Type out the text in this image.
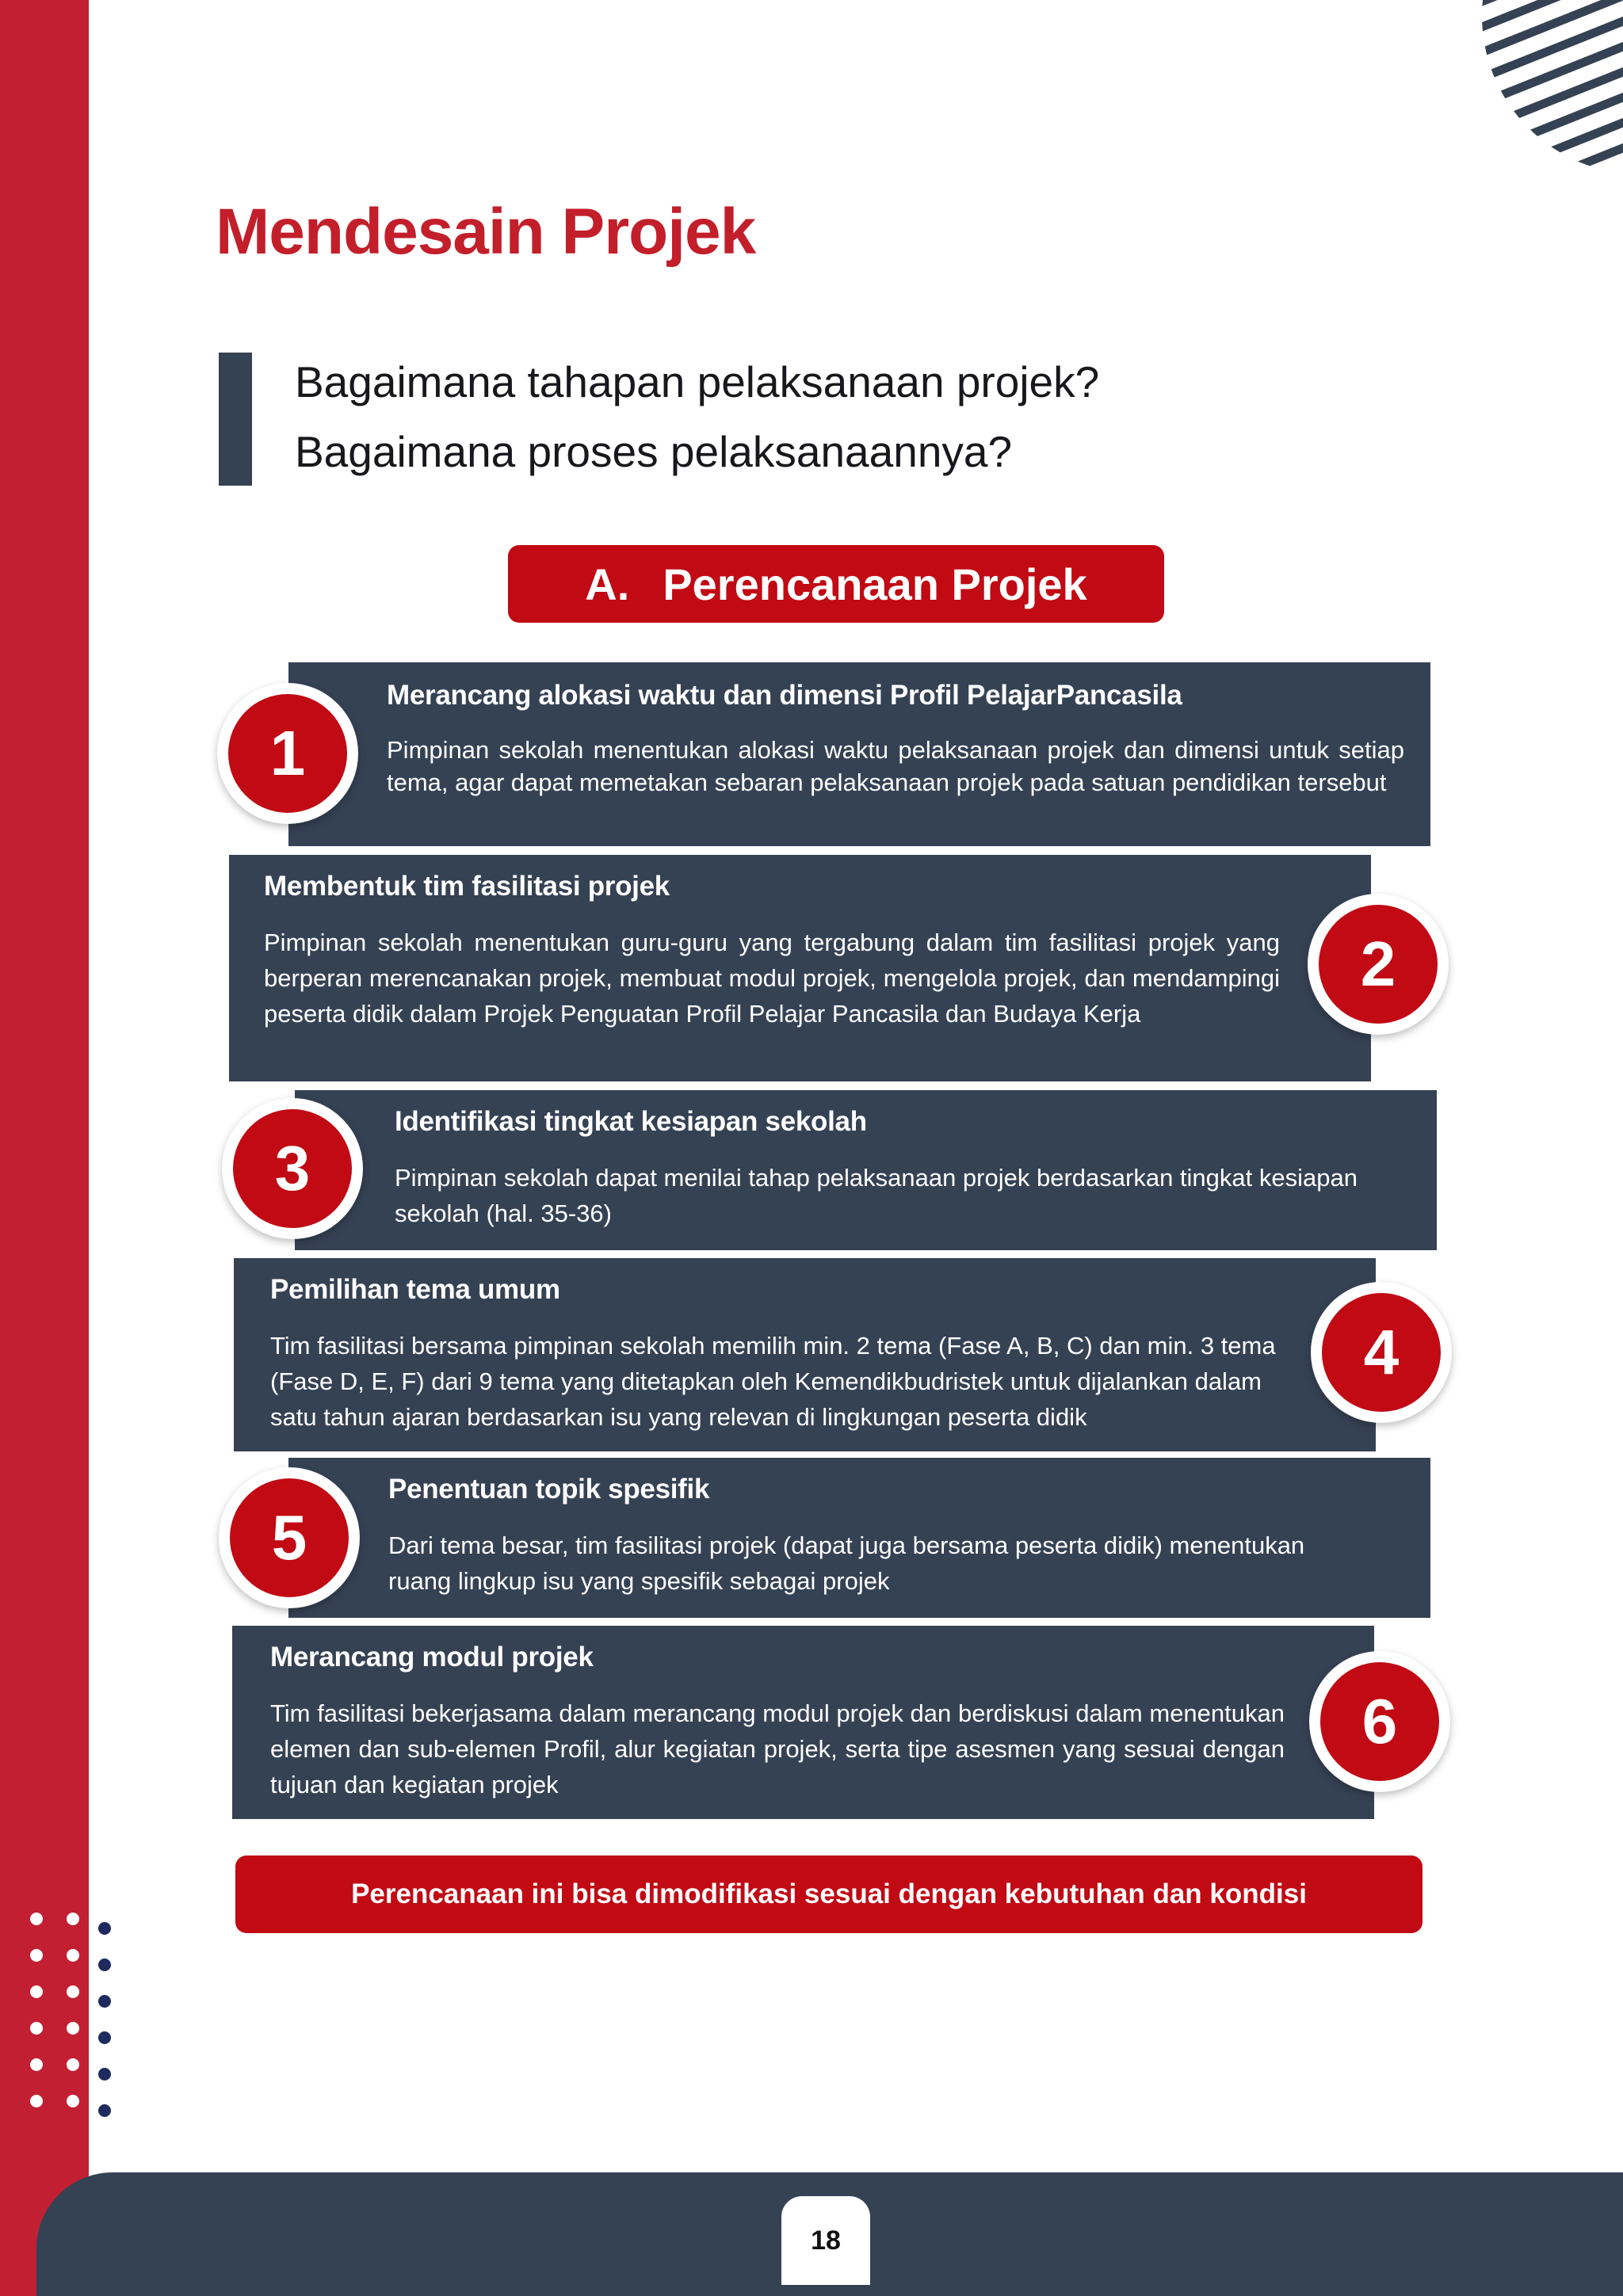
Mendesain Projek
Bagaimana tahapan pelaksanaan projek?
Bagaimana proses pelaksanaannya?
A. Perencanaan Projek
Merancang alokasi waktu dan dimensi Profil PelajarPancasila
Pimpinan sekolah menentukan alokasi waktu pelaksanaan projek dan dimensi untuk setiap tema, agar dapat memetakan sebaran pelaksanaan projek pada satuan pendidikan tersebut
1
Membentuk tim fasilitasi projek
Pimpinan sekolah menentukan guru-guru yang tergabung dalam tim fasilitasi projek yang berperan merencanakan projek, membuat modul projek, mengelola projek, dan mendampingi peserta didik dalam Projek Penguatan Profil Pelajar Pancasila dan Budaya Kerja
2
Identifikasi tingkat kesiapan sekolah
Pimpinan sekolah dapat menilai tahap pelaksanaan projek berdasarkan tingkat kesiapan sekolah (hal. 35-36)
3
Pemilihan tema umum
Tim fasilitasi bersama pimpinan sekolah memilih min. 2 tema (Fase A, B, C) dan min. 3 tema (Fase D, E, F) dari 9 tema yang ditetapkan oleh Kemendikbudristek untuk dijalankan dalam satu tahun ajaran berdasarkan isu yang relevan di lingkungan peserta didik
4
Penentuan topik spesifik
Dari tema besar, tim fasilitasi projek (dapat juga bersama peserta didik) menentukan ruang lingkup isu yang spesifik sebagai projek
5
Merancang modul projek
Tim fasilitasi bekerjasama dalam merancang modul projek dan berdiskusi dalam menentukan elemen dan sub-elemen Profil, alur kegiatan projek, serta tipe asesmen yang sesuai dengan tujuan dan kegiatan projek
6
Perencanaan ini bisa dimodifikasi sesuai dengan kebutuhan dan kondisi
18
